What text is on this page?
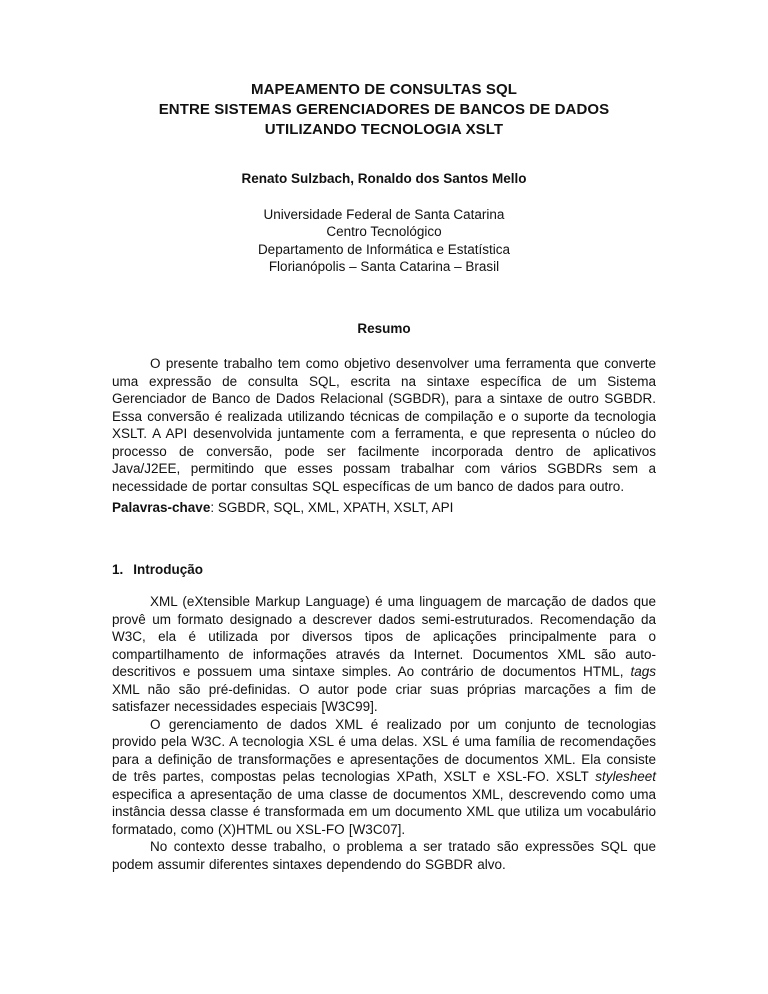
MAPEAMENTO DE CONSULTAS SQL
ENTRE SISTEMAS GERENCIADORES DE BANCOS DE DADOS
UTILIZANDO TECNOLOGIA XSLT

Renato Sulzbach, Ronaldo dos Santos Mello

Universidade Federal de Santa Catarina
Centro Tecnológico
Departamento de Informática e Estatística
Florianópolis – Santa Catarina – Brasil
Resumo

O presente trabalho tem como objetivo desenvolver uma ferramenta que converte uma expressão de consulta SQL, escrita na sintaxe específica de um Sistema Gerenciador de Banco de Dados Relacional (SGBDR), para a sintaxe de outro SGBDR. Essa conversão é realizada utilizando técnicas de compilação e o suporte da tecnologia XSLT. A API desenvolvida juntamente com a ferramenta, e que representa o núcleo do processo de conversão, pode ser facilmente incorporada dentro de aplicativos Java/J2EE, permitindo que esses possam trabalhar com vários SGBDRs sem a necessidade de portar consultas SQL específicas de um banco de dados para outro.

Palavras-chave: SGBDR, SQL, XML, XPATH, XSLT, API

1. Introdução

XML (eXtensible Markup Language) é uma linguagem de marcação de dados que provê um formato designado a descrever dados semi-estruturados. Recomendação da W3C, ela é utilizada por diversos tipos de aplicações principalmente para o compartilhamento de informações através da Internet. Documentos XML são auto-descritivos e possuem uma sintaxe simples. Ao contrário de documentos HTML, tags XML não são pré-definidas. O autor pode criar suas próprias marcações a fim de satisfazer necessidades especiais [W3C99].

O gerenciamento de dados XML é realizado por um conjunto de tecnologias provido pela W3C. A tecnologia XSL é uma delas. XSL é uma família de recomendações para a definição de transformações e apresentações de documentos XML. Ela consiste de três partes, compostas pelas tecnologias XPath, XSLT e XSL-FO. XSLT stylesheet especifica a apresentação de uma classe de documentos XML, descrevendo como uma instância dessa classe é transformada em um documento XML que utiliza um vocabulário formatado, como (X)HTML ou XSL-FO [W3C07].

No contexto desse trabalho, o problema a ser tratado são expressões SQL que podem assumir diferentes sintaxes dependendo do SGBDR alvo.
